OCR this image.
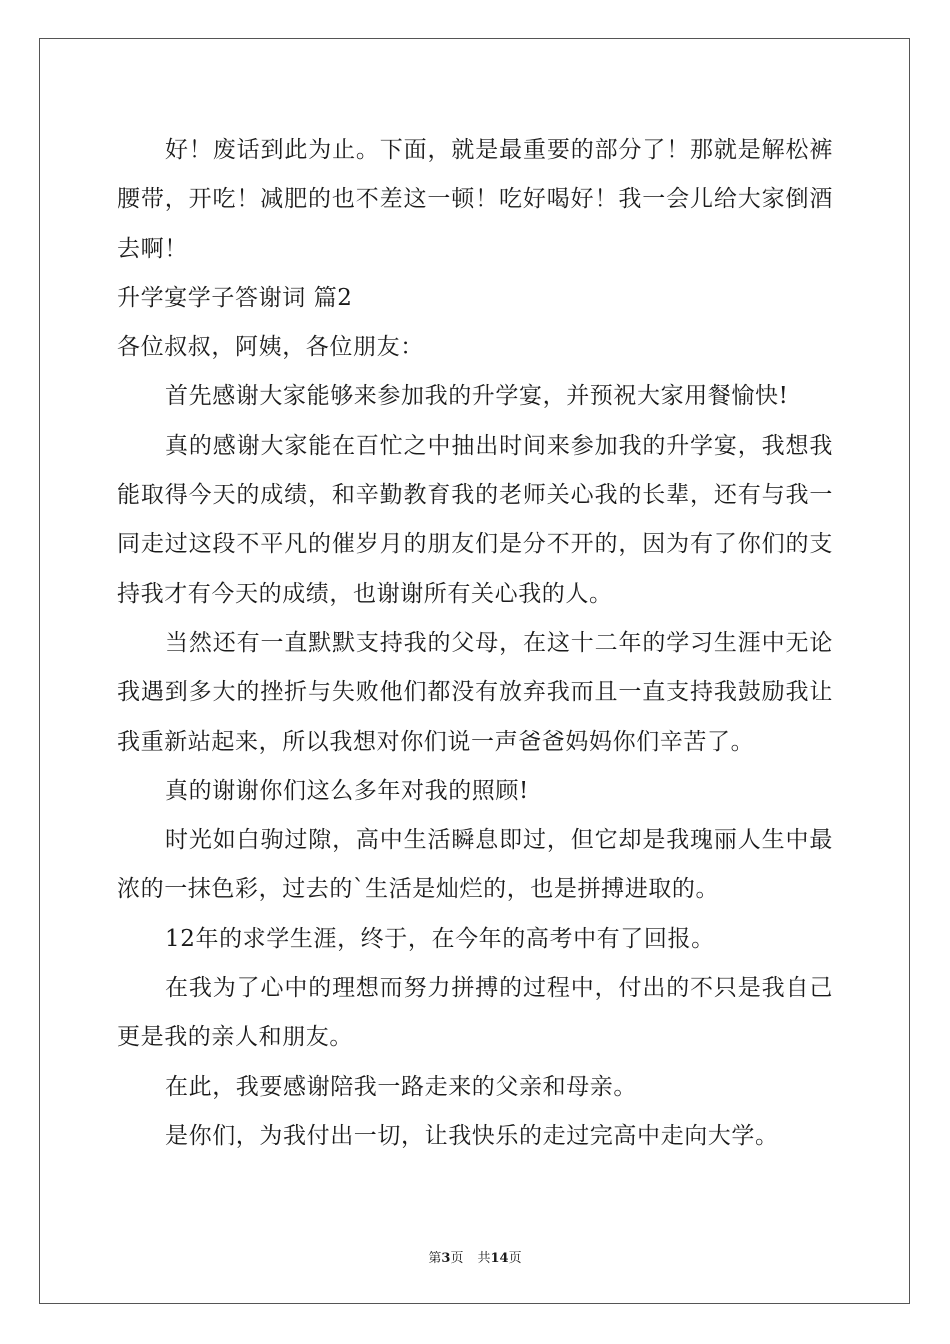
好！废话到此为止。下面，就是最重要的部分了！那就是解松裤腰带，开吃！减肥的也不差这一顿！吃好喝好！我一会儿给大家倒酒去啊！

升学宴学子答谢词 篇2

各位叔叔，阿姨，各位朋友：

首先感谢大家能够来参加我的升学宴，并预祝大家用餐愉快!

真的感谢大家能在百忙之中抽出时间来参加我的升学宴，我想我能取得今天的成绩，和辛勤教育我的老师关心我的长辈，还有与我一同走过这段不平凡的催岁月的朋友们是分不开的，因为有了你们的支持我才有今天的成绩，也谢谢所有关心我的人。

当然还有一直默默支持我的父母，在这十二年的学习生涯中无论我遇到多大的挫折与失败他们都没有放弃我而且一直支持我鼓励我让我重新站起来，所以我想对你们说一声爸爸妈妈你们辛苦了。

真的谢谢你们这么多年对我的照顾!

时光如白驹过隙，高中生活瞬息即过，但它却是我瑰丽人生中最浓的一抹色彩，过去的`生活是灿烂的，也是拼搏进取的。

12年的求学生涯，终于，在今年的高考中有了回报。

在我为了心中的理想而努力拼搏的过程中，付出的不只是我自己更是我的亲人和朋友。

在此，我要感谢陪我一路走来的父亲和母亲。

是你们，为我付出一切，让我快乐的走过完高中走向大学。

第3页 共14页
